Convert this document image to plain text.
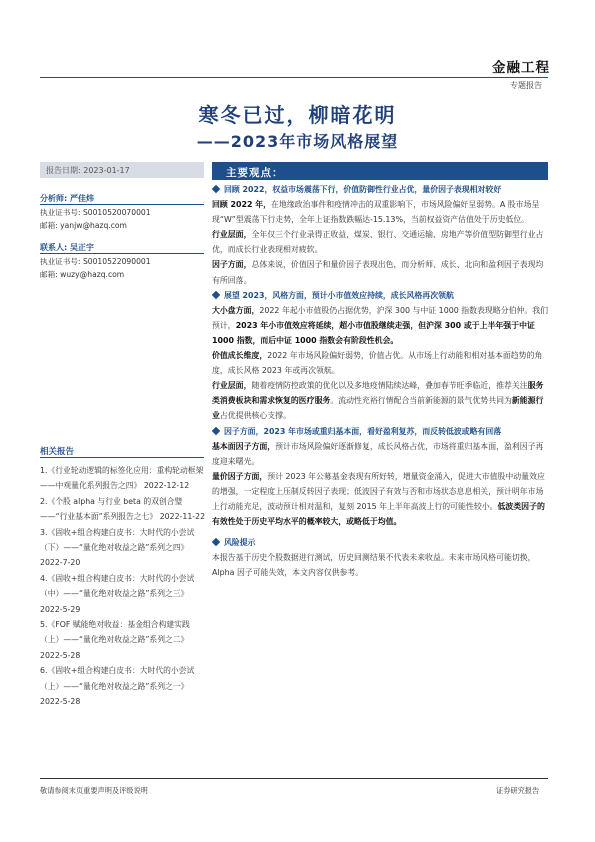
金融工程
专题报告
寒冬已过，柳暗花明
——2023年市场风格展望
报告日期: 2023-01-17
分析师: 严佳炜
执业证书号: S0010520070001
邮箱: yanjw@hazq.com
联系人: 吴正宇
执业证书号: S0010522090001
邮箱: wuzy@hazq.com
相关报告
1.《行业轮动逻辑的标签化应用：重构轮动框架——中观量化系列报告之四》 2022-12-12
2.《个股 alpha 与行业 beta 的双创合璧——“行业基本面”系列报告之七》 2022-11-22
3.《固收+组合构建白皮书：大时代的小尝试（下）——“量化绝对收益之路”系列之四》 2022-7-20
4.《固收+组合构建白皮书：大时代的小尝试（中）——“量化绝对收益之路”系列之三》 2022-5-29
5.《FOF 赋能绝对收益：基金组合构建实践（上）——“量化绝对收益之路”系列之二》 2022-5-28
6.《固收+组合构建白皮书：大时代的小尝试（上）——“量化绝对收益之路”系列之一》 2022-5-28
主要观点：
回顾 2022，权益市场震荡下行，价值防御性行业占优，量价因子表现相对较好
回顾 2022 年，在地缘政治事件和疫情冲击的双重影响下，市场风险偏好呈弱势。A 股市场呈现“W”型震荡下行走势，全年上证指数跌幅达-15.13%，当前权益资产估值处于历史低位。
行业层面，全年仅三个行业录得正收益，煤炭、银行、交通运输、房地产等价值型防御型行业占优，而成长行业表现相对疲软。
因子方面，总体来说，价值因子和量价因子表现出色，而分析师、成长、北向和盈利因子表现均有所回落。
展望 2023，风格方面，预计小市值效应持续，成长风格再次领航
大小盘方面，2022 年起小市值股仍占据优势，沪深 300 与中证 1000 指数表现略分伯仲。我们预计，2023 年小市值效应将延续，超小市值股继续走强，但沪深 300 或于上半年强于中证 1000 指数，而后中证 1000 指数会有阶段性机会。
价值成长维度，2022 年市场风险偏好弱势，价值占优。从市场上行动能和相对基本面趋势的角度，成长风格 2023 年或再次领航。
行业层面，随着疫情防控政策的优化以及多地疫情陆续达峰，叠加春节旺季临近，推荐关注服务类消费板块和需求恢复的医疗服务。流动性充裕行情配合当前新能源的景气优势共同为新能源行业占优提供核心支撑。
因子方面，2023 年市场或重归基本面，看好盈利复苏，而反转低波或略有回落
基本面因子方面，预计市场风险偏好逐渐修复，成长风格占优，市场将重归基本面，盈利因子再度迎来曙光。
量价因子方面，预计 2023 年公募基金表现有所好转，增量资金涌入，促进大市值股中动量效应的增强，一定程度上压制反转因子表现；低波因子有效与否和市场状态息息相关，预计明年市场上行动能充足，波动预计相对温和，复刻 2015 年上半年高波上行的可能性较小。低波类因子的有效性处于历史平均水平的概率较大，或略低于均值。
风险提示
本报告基于历史个股数据进行测试，历史回测结果不代表未来收益。未来市场风格可能切换，Alpha 因子可能失效，本文内容仅供参考。
敬请参阅末页重要声明及评级说明	证券研究报告
